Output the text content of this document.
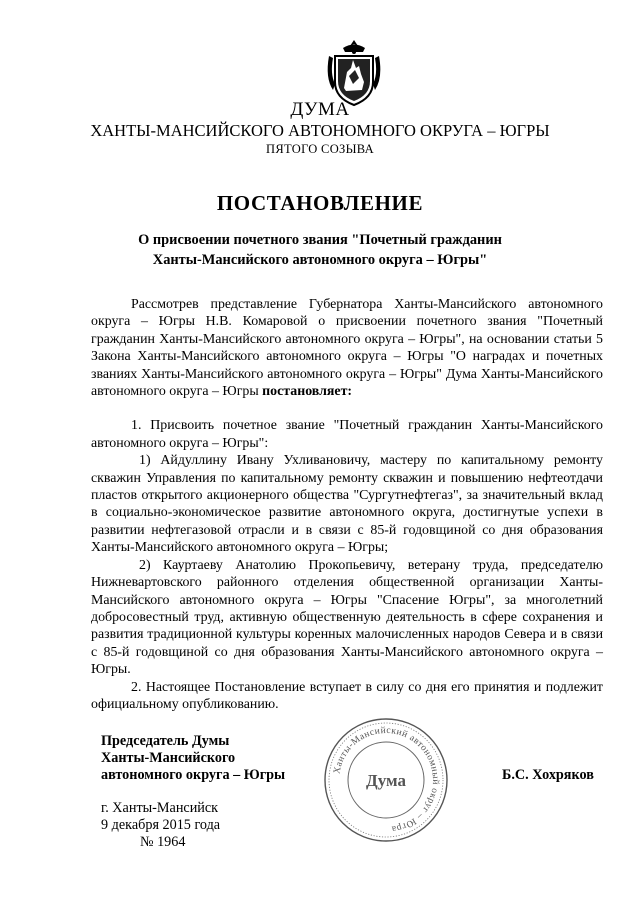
ДУМА
ХАНТЫ-МАНСИЙСКОГО АВТОНОМНОГО ОКРУГА – ЮГРЫ
ПЯТОГО СОЗЫВА
ПОСТАНОВЛЕНИЕ
О присвоении почетного звания "Почетный гражданин
Ханты-Мансийского автономного округа – Югры"

Рассмотрев представление Губернатора Ханты-Мансийского автономного округа – Югры Н.В. Комаровой о присвоении почетного звания "Почетный гражданин Ханты-Мансийского автономного округа – Югры", на основании статьи 5 Закона Ханты-Мансийского автономного округа – Югры "О наградах и почетных званиях Ханты-Мансийского автономного округа – Югры" Дума Ханты-Мансийского автономного округа – Югры постановляет:

1. Присвоить почетное звание "Почетный гражданин Ханты-Мансийского автономного округа – Югры":

1) Айдуллину Ивану Ухливановичу, мастеру по капитальному ремонту скважин Управления по капитальному ремонту скважин и повышению нефтеотдачи пластов открытого акционерного общества "Сургутнефтегаз", за значительный вклад в социально-экономическое развитие автономного округа, достигнутые успехи в развитии нефтегазовой отрасли и в связи с 85-й годовщиной со дня образования Ханты-Мансийского автономного округа – Югры;

2) Кауртаеву Анатолию Прокопьевичу, ветерану труда, председателю Нижневартовского районного отделения общественной организации Ханты-Мансийского автономного округа – Югры "Спасение Югры", за многолетний добросовестный труд, активную общественную деятельность в сфере сохранения и развития традиционной культуры коренных малочисленных народов Севера и в связи с 85-й годовщиной со дня образования Ханты-Мансийского автономного округа – Югры.

2. Настоящее Постановление вступает в силу со дня его принятия и подлежит официальному опубликованию.

Председатель Думы
Ханты-Мансийского
автономного округа – Югры	Ханты-Мансийский автономный округ – Югра
Дума	Б.С. Хохряков
г. Ханты-Мансийск
9 декабря 2015 года
№ 1964
